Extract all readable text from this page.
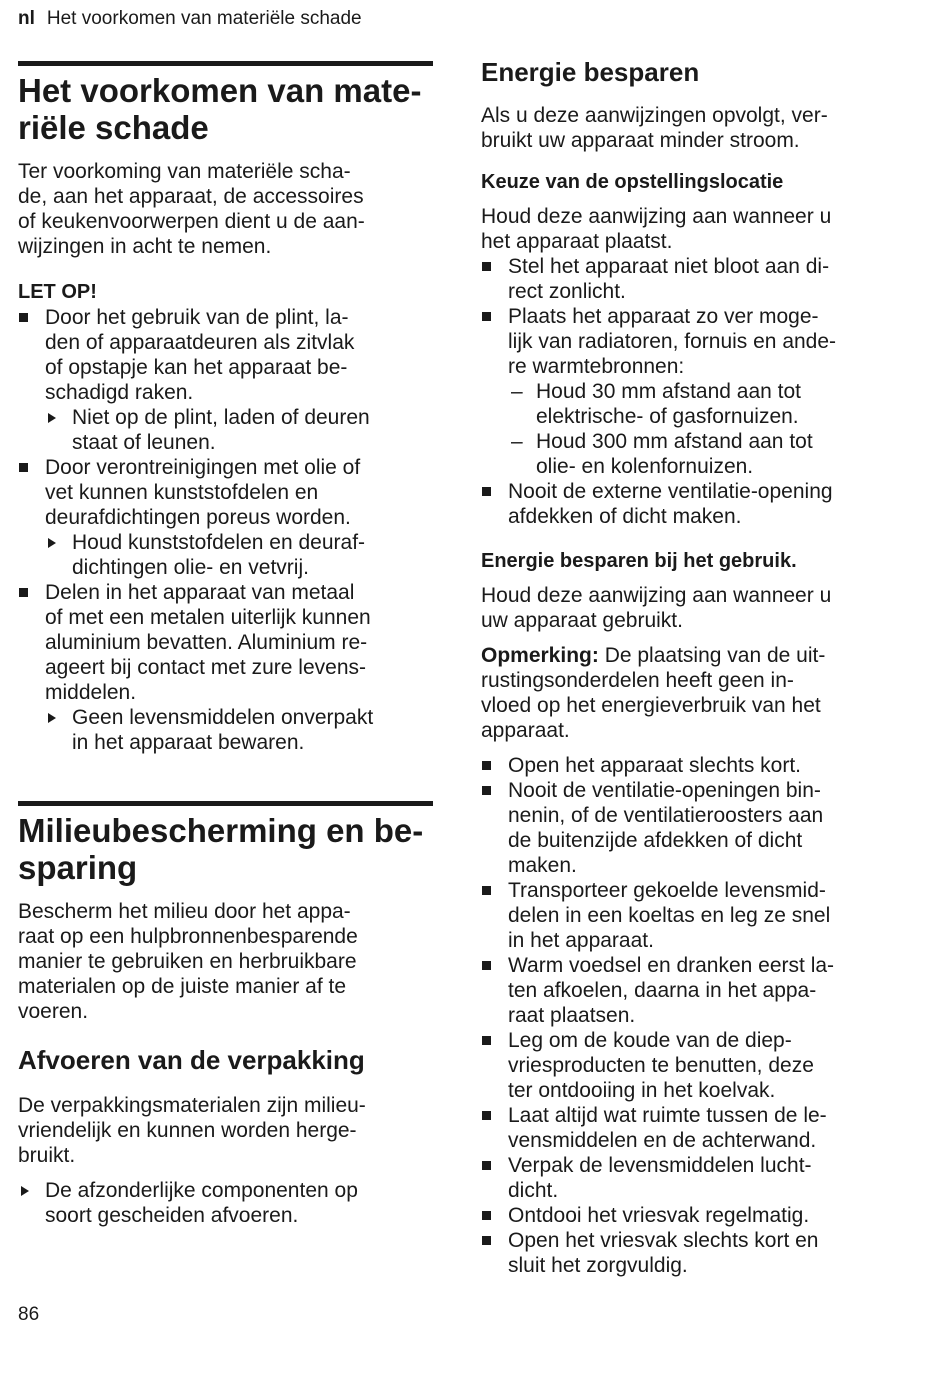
nl Het voorkomen van materiële schade
Het voorkomen van mate-
riële schade

Ter voorkoming van materiële scha-
de, aan het apparaat, de accessoires
of keukenvoorwerpen dient u de aan-
wijzingen in acht te nemen.

LET OP!

Door het gebruik van de plint, la-
den of apparaatdeuren als zitvlak
of opstapje kan het apparaat be-
schadigd raken.
Niet op de plint, laden of deuren
staat of leunen.
Door verontreinigingen met olie of
vet kunnen kunststofdelen en
deurafdichtingen poreus worden.
Houd kunststofdelen en deuraf-
dichtingen olie- en vetvrij.
Delen in het apparaat van metaal
of met een metalen uiterlijk kunnen
aluminium bevatten. Aluminium re-
ageert bij contact met zure levens-
middelen.
Geen levensmiddelen onverpakt
in het apparaat bewaren.
Milieubescherming en be-
sparing

Bescherm het milieu door het appa-
raat op een hulpbronnenbesparende
manier te gebruiken en herbruikbare
materialen op de juiste manier af te
voeren.

Afvoeren van de verpakking

De verpakkingsmaterialen zijn milieu-
vriendelijk en kunnen worden herge-
bruikt.

De afzonderlijke componenten op
soort gescheiden afvoeren.
Energie besparen

Als u deze aanwijzingen opvolgt, ver-
bruikt uw apparaat minder stroom.

Keuze van de opstellingslocatie

Houd deze aanwijzing aan wanneer u
het apparaat plaatst.

Stel het apparaat niet bloot aan di-
rect zonlicht.
Plaats het apparaat zo ver moge-
lijk van radiatoren, fornuis en ande-
re warmtebronnen:
– Houd 30 mm afstand aan tot
elektrische- of gasfornuizen.
– Houd 300 mm afstand aan tot
olie- en kolenfornuizen.
Nooit de externe ventilatie-opening
afdekken of dicht maken.
Energie besparen bij het gebruik.

Houd deze aanwijzing aan wanneer u
uw apparaat gebruikt.

Opmerking: De plaatsing van de uit-
rustingsonderdelen heeft geen in-
vloed op het energieverbruik van het
apparaat.

Open het apparaat slechts kort.
Nooit de ventilatie-openingen bin-
nenin, of de ventilatieroosters aan
de buitenzijde afdekken of dicht
maken.
Transporteer gekoelde levensmid-
delen in een koeltas en leg ze snel
in het apparaat.
Warm voedsel en dranken eerst la-
ten afkoelen, daarna in het appa-
raat plaatsen.
Leg om de koude van de diep-
vriesproducten te benutten, deze
ter ontdooiing in het koelvak.
Laat altijd wat ruimte tussen de le-
vensmiddelen en de achterwand.
Verpak de levensmiddelen lucht-
dicht.
Ontdooi het vriesvak regelmatig.
Open het vriesvak slechts kort en
sluit het zorgvuldig.
86
